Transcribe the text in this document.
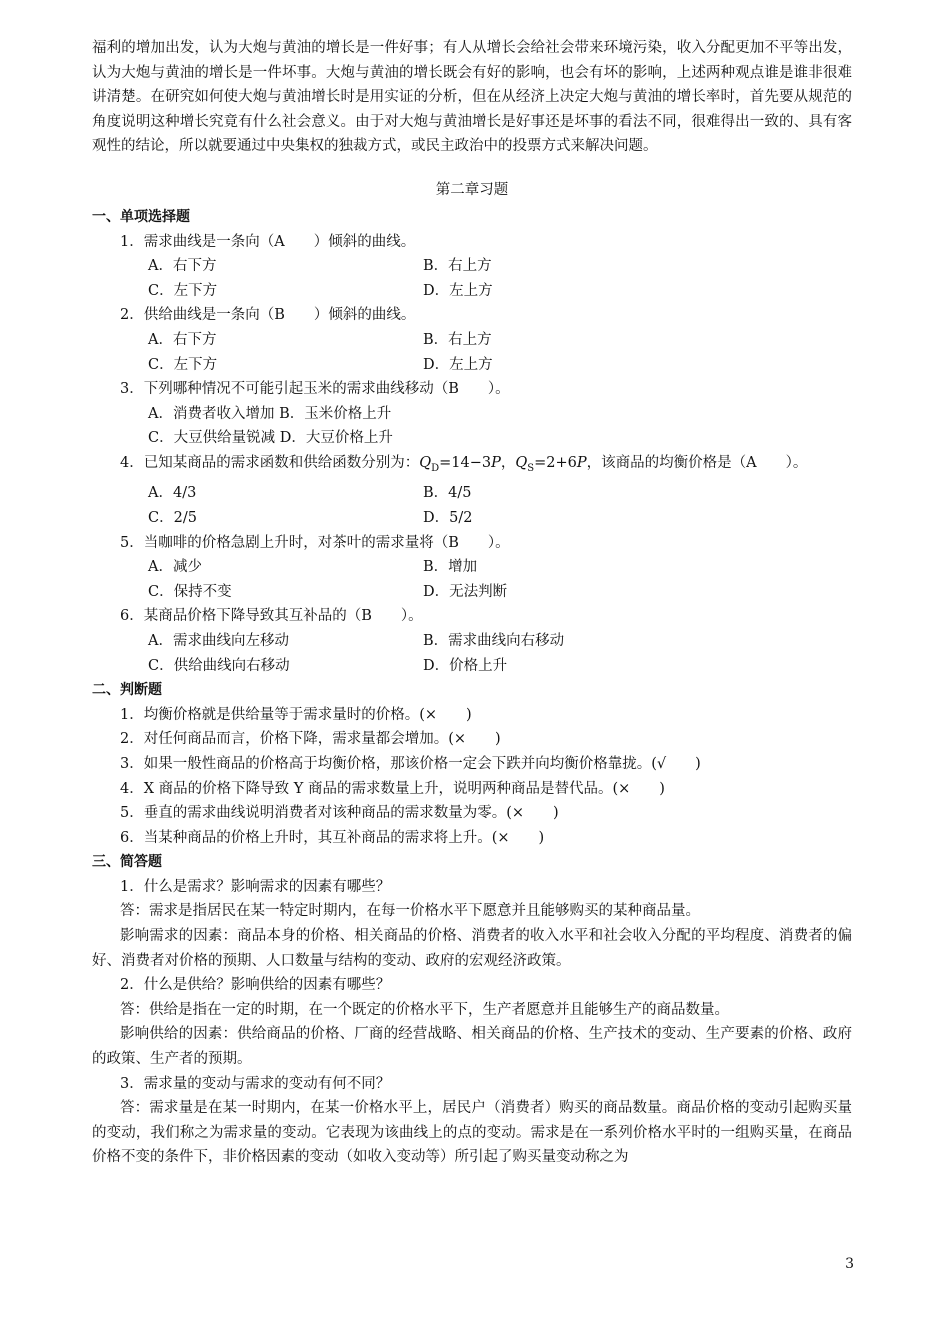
福利的增加出发，认为大炮与黄油的增长是一件好事；有人从增长会给社会带来环境污染，收入分配更加不平等出发，认为大炮与黄油的增长是一件坏事。大炮与黄油的增长既会有好的影响，也会有坏的影响，上述两种观点谁是谁非很难讲清楚。在研究如何使大炮与黄油增长时是用实证的分析，但在从经济上决定大炮与黄油的增长率时，首先要从规范的角度说明这种增长究竟有什么社会意义。由于对大炮与黄油增长是好事还是坏事的看法不同，很难得出一致的、具有客观性的结论，所以就要通过中央集权的独裁方式，或民主政治中的投票方式来解决问题。

第二章习题

一、单项选择题

1．需求曲线是一条向（A　　）倾斜的曲线。

A．右下方	B．右上方
C．左下方	D．左上方

2．供给曲线是一条向（B　　）倾斜的曲线。

A．右下方	B．右上方
C．左下方	D．左上方

3．下列哪种情况不可能引起玉米的需求曲线移动（B　　）。

A．消费者收入增加 B．玉米价格上升

C．大豆供给量锐减 D．大豆价格上升

4．已知某商品的需求函数和供给函数分别为：$Q_D=14-3P$，$Q_S=2+6P$，该商品的均衡价格是（A　　）。

A．4/3	B．4/5
C．2/5	D．5/2

5．当咖啡的价格急剧上升时，对茶叶的需求量将（B　　）。

A．减少	B．增加
C．保持不变	D．无法判断

6．某商品价格下降导致其互补品的（B　　）。

A．需求曲线向左移动	B．需求曲线向右移动
C．供给曲线向右移动	D．价格上升

二、判断题

1．均衡价格就是供给量等于需求量时的价格。(×　　)

2．对任何商品而言，价格下降，需求量都会增加。(×　　)

3．如果一般性商品的价格高于均衡价格，那该价格一定会下跌并向均衡价格靠拢。(√　　)

4．X 商品的价格下降导致 Y 商品的需求数量上升，说明两种商品是替代品。(×　　)

5．垂直的需求曲线说明消费者对该种商品的需求数量为零。(×　　)

6．当某种商品的价格上升时，其互补商品的需求将上升。(×　　)

三、简答题

1．什么是需求？影响需求的因素有哪些？

答：需求是指居民在某一特定时期内，在每一价格水平下愿意并且能够购买的某种商品量。

影响需求的因素：商品本身的价格、相关商品的价格、消费者的收入水平和社会收入分配的平均程度、消费者的偏好、消费者对价格的预期、人口数量与结构的变动、政府的宏观经济政策。

2．什么是供给？影响供给的因素有哪些？

答：供给是指在一定的时期，在一个既定的价格水平下，生产者愿意并且能够生产的商品数量。

影响供给的因素：供给商品的价格、厂商的经营战略、相关商品的价格、生产技术的变动、生产要素的价格、政府的政策、生产者的预期。

3．需求量的变动与需求的变动有何不同？

答：需求量是在某一时期内，在某一价格水平上，居民户（消费者）购买的商品数量。商品价格的变动引起购买量的变动，我们称之为需求量的变动。它表现为该曲线上的点的变动。需求是在一系列价格水平时的一组购买量，在商品价格不变的条件下，非价格因素的变动（如收入变动等）所引起了购买量变动称之为

3
